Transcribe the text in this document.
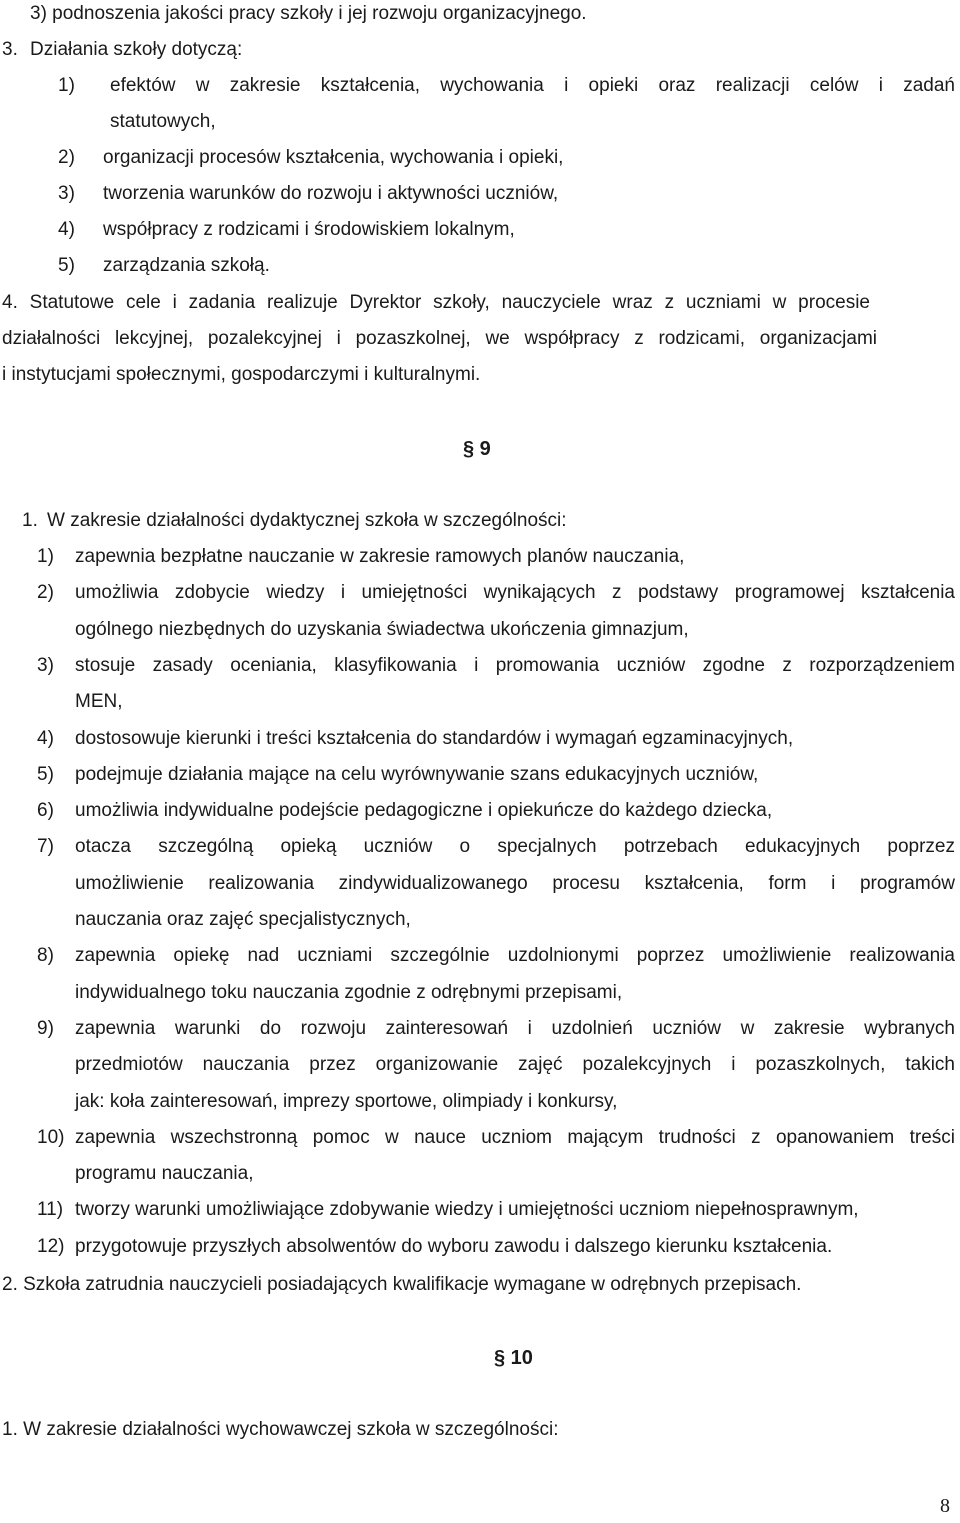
3) podnoszenia jakości pracy szkoły i jej rozwoju organizacyjnego.
3. Działania szkoły dotyczą:
1) efektów w zakresie kształcenia, wychowania i opieki oraz realizacji celów i zadań
statutowych,
2) organizacji procesów kształcenia, wychowania i opieki,
3) tworzenia warunków do rozwoju i aktywności uczniów,
4) współpracy z rodzicami i środowiskiem lokalnym,
5) zarządzania szkołą.
4. Statutowe cele i zadania realizuje Dyrektor szkoły, nauczyciele wraz z uczniami w procesie
działalności lekcyjnej, pozalekcyjnej i pozaszkolnej, we współpracy z rodzicami, organizacjami
i instytucjami społecznymi, gospodarczymi i kulturalnymi.
§ 9
1. W zakresie działalności dydaktycznej szkoła w szczególności:
1) zapewnia bezpłatne nauczanie w zakresie ramowych planów nauczania,
2) umożliwia zdobycie wiedzy i umiejętności wynikających z podstawy programowej kształcenia
ogólnego niezbędnych do uzyskania świadectwa ukończenia gimnazjum,
3) stosuje zasady oceniania, klasyfikowania i promowania uczniów zgodne z rozporządzeniem
MEN,
4) dostosowuje kierunki i treści kształcenia do standardów i wymagań egzaminacyjnych,
5) podejmuje działania mające na celu wyrównywanie szans edukacyjnych uczniów,
6) umożliwia indywidualne podejście pedagogiczne i opiekuńcze do każdego dziecka,
7) otacza szczególną opieką uczniów o specjalnych potrzebach edukacyjnych poprzez
umożliwienie realizowania zindywidualizowanego procesu kształcenia, form i programów
nauczania oraz zajęć specjalistycznych,
8) zapewnia opiekę nad uczniami szczególnie uzdolnionymi poprzez umożliwienie realizowania
indywidualnego toku nauczania zgodnie z odrębnymi przepisami,
9) zapewnia warunki do rozwoju zainteresowań i uzdolnień uczniów w zakresie wybranych
przedmiotów nauczania przez organizowanie zajęć pozalekcyjnych i pozaszkolnych, takich
jak: koła zainteresowań, imprezy sportowe, olimpiady i konkursy,
10) zapewnia wszechstronną pomoc w nauce uczniom mającym trudności z opanowaniem treści
programu nauczania,
11) tworzy warunki umożliwiające zdobywanie wiedzy i umiejętności uczniom niepełnosprawnym,
12) przygotowuje przyszłych absolwentów do wyboru zawodu i dalszego kierunku kształcenia.
2. Szkoła zatrudnia nauczycieli posiadających kwalifikacje wymagane w odrębnych przepisach.
§ 10
1. W zakresie działalności wychowawczej szkoła w szczególności:
8
